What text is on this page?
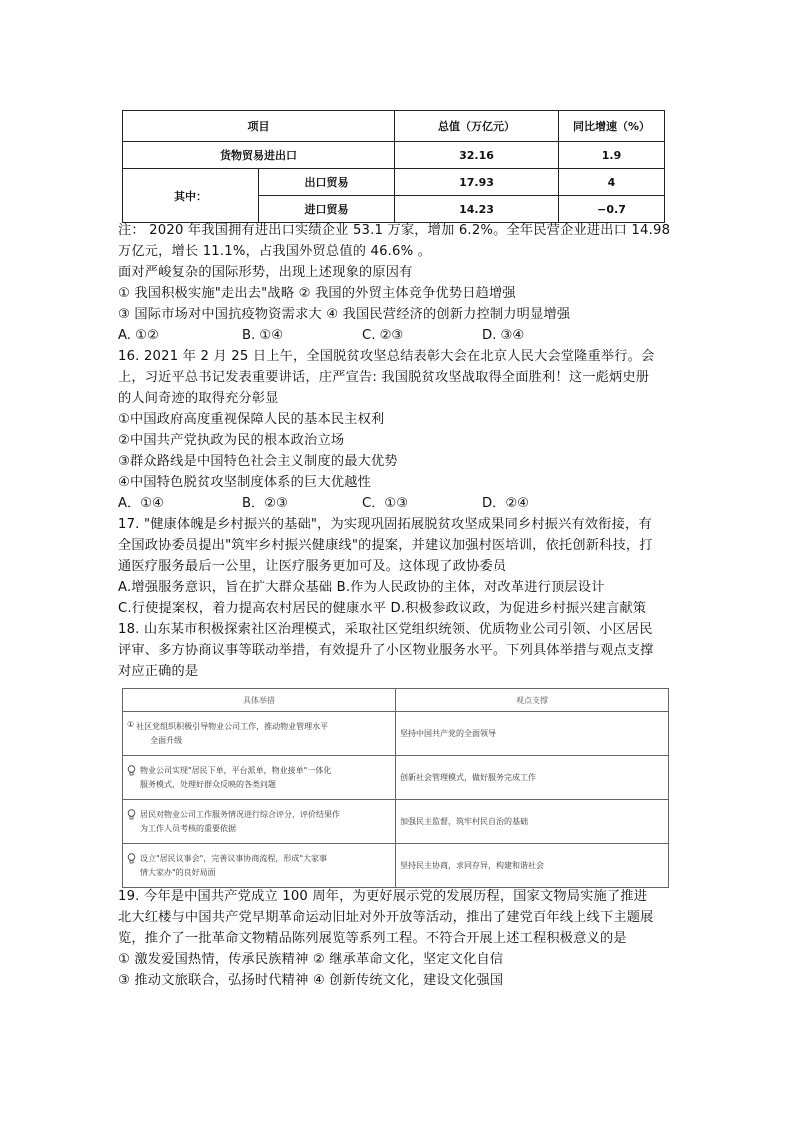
项目		总值（万亿元）	同比增速（%）
货物贸易进出口		32.16	1.9
其中：	出口贸易	17.93	4
	进口贸易	14.23	−0.7
注： 2020 年我国拥有进出口实绩企业 53.1 万家，增加 6.2%。全年民营企业进出口 14.98
万亿元，增长 11.1%，占我国外贸总值的 46.6% 。
面对严峻复杂的国际形势，出现上述现象的原因有
① 我国积极实施"走出去"战略 ② 我国的外贸主体竞争优势日趋增强
③ 国际市场对中国抗疫物资需求大 ④ 我国民营经济的创新力控制力明显增强
A. ①②	B. ①④	C. ②③	D. ③④
16. 2021 年 2 月 25 日上午，全国脱贫攻坚总结表彰大会在北京人民大会堂隆重举行。会
上，习近平总书记发表重要讲话，庄严宣告: 我国脱贫攻坚战取得全面胜利！这一彪炳史册
的人间奇迹的取得充分彰显
①中国政府高度重视保障人民的基本民主权利
②中国共产党执政为民的根本政治立场
③群众路线是中国特色社会主义制度的最大优势
④中国特色脱贫攻坚制度体系的巨大优越性
A．①④	B．②③	C．①③	D．②④
17. "健康体魄是乡村振兴的基础"，为实现巩固拓展脱贫攻坚成果同乡村振兴有效衔接，有
全国政协委员提出"筑牢乡村振兴健康线"的提案，并建议加强村医培训，依托创新科技，打
通医疗服务最后一公里，让医疗服务更加可及。这体现了政协委员
A.增强服务意识，旨在扩大群众基础 B.作为人民政协的主体，对改革进行顶层设计
C.行使提案权，着力提高农村居民的健康水平 D.积极参政议政，为促进乡村振兴建言献策
18. 山东某市积极探索社区治理模式，采取社区党组织统领、优质物业公司引领、小区居民
评审、多方协商议事等联动举措，有效提升了小区物业服务水平。下列具体举措与观点支撑
对应正确的是
具体举措	观点支撑

① 社区党组织积极引导物业公司工作，推动物业管理水平
全面升级	坚持中国共产党的全面领导

物业公司实现"居民下单，平台派单，物业接单"一体化
服务模式，处理好群众反映的各类问题	创新社会管理模式，做好服务完成工作

居民对物业公司工作服务情况进行综合评分，评价结果作
为工作人员考核的重要依据	加强民主监督，筑牢村民自治的基础

设立"居民议事会"，完善议事协商流程，形成"大家事
情大家办"的良好局面	坚持民主协商，求同存异，构建和谐社会
19. 今年是中国共产党成立 100 周年，为更好展示党的发展历程，国家文物局实施了推进
北大红楼与中国共产党早期革命运动旧址对外开放等活动，推出了建党百年线上线下主题展
览，推介了一批革命文物精品陈列展览等系列工程。不符合开展上述工程积极意义的是
① 激发爱国热情，传承民族精神 ② 继承革命文化，坚定文化自信
③ 推动文旅联合，弘扬时代精神 ④ 创新传统文化，建设文化强国
